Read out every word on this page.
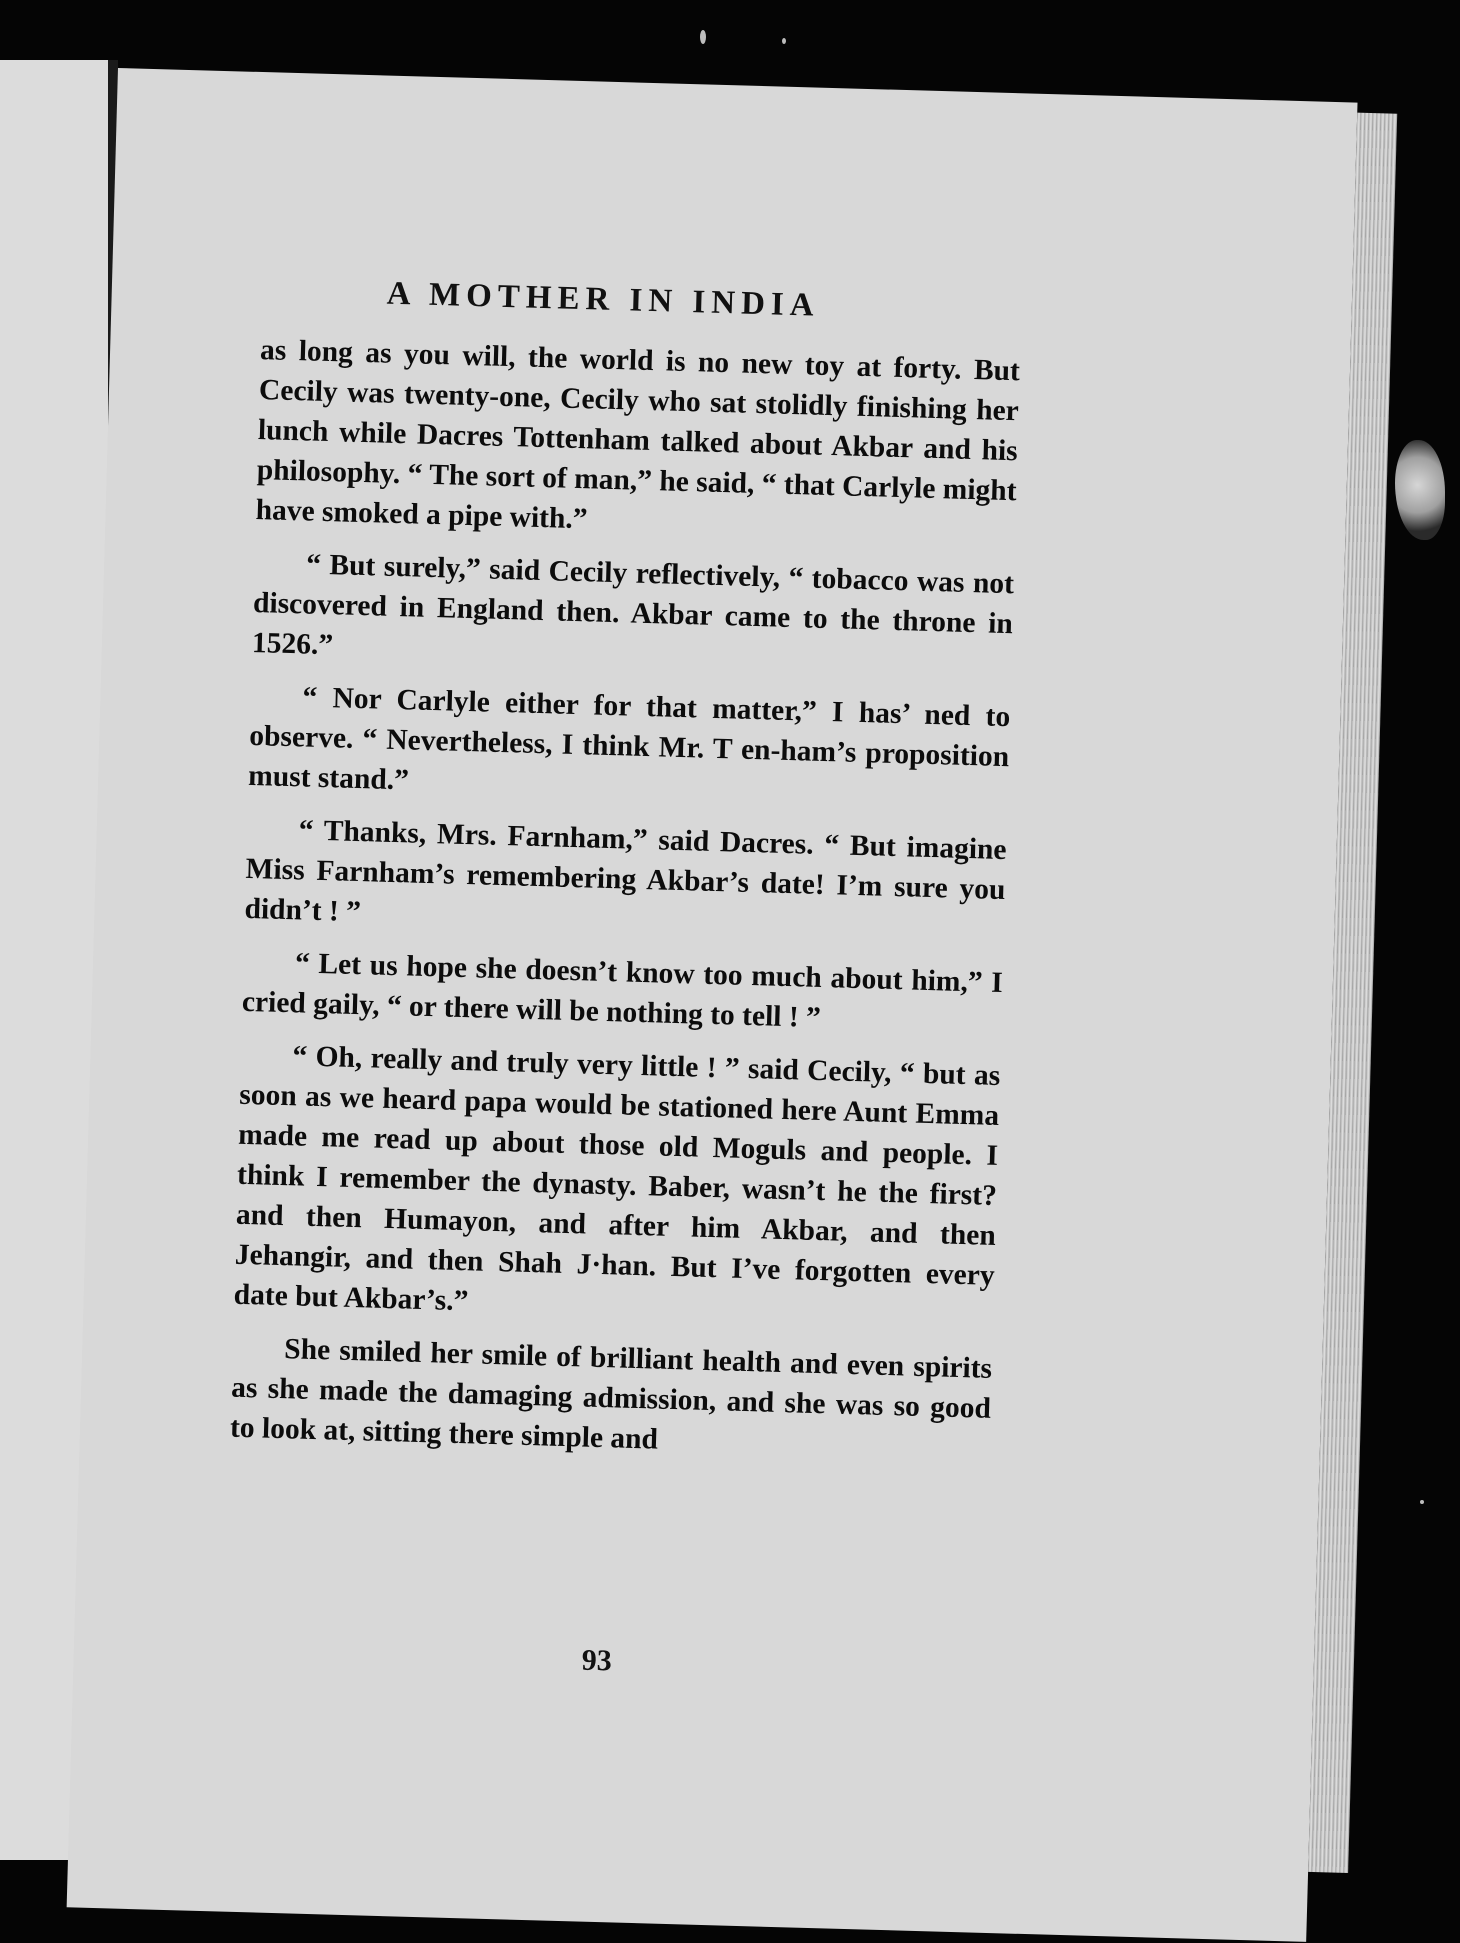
A MOTHER IN INDIA

as long as you will, the world is no new toy at forty. But Cecily was twenty-one, Cecily who sat stolidly finishing her lunch while Dacres Tottenham talked about Akbar and his philosophy. “ The sort of man,” he said, “ that Carlyle might have smoked a pipe with.”

“ But surely,” said Cecily reflectively, “ tobacco was not discovered in England then. Akbar came to the throne in 1526.”

“ Nor Carlyle either for that matter,” I has’ ned to observe. “ Nevertheless, I think Mr. T en-ham’s proposition must stand.”

“ Thanks, Mrs. Farnham,” said Dacres. “ But imagine Miss Farnham’s remembering Akbar’s date! I’m sure you didn’t ! ”

“ Let us hope she doesn’t know too much about him,” I cried gaily, “ or there will be nothing to tell ! ”

“ Oh, really and truly very little ! ” said Cecily, “ but as soon as we heard papa would be stationed here Aunt Emma made me read up about those old Moguls and people. I think I remember the dynasty. Baber, wasn’t he the first? and then Humayon, and after him Akbar, and then Jehangir, and then Shah J·han. But I’ve forgotten every date but Akbar’s.”

She smiled her smile of brilliant health and even spirits as she made the damaging admission, and she was so good to look at, sitting there simple and

93
